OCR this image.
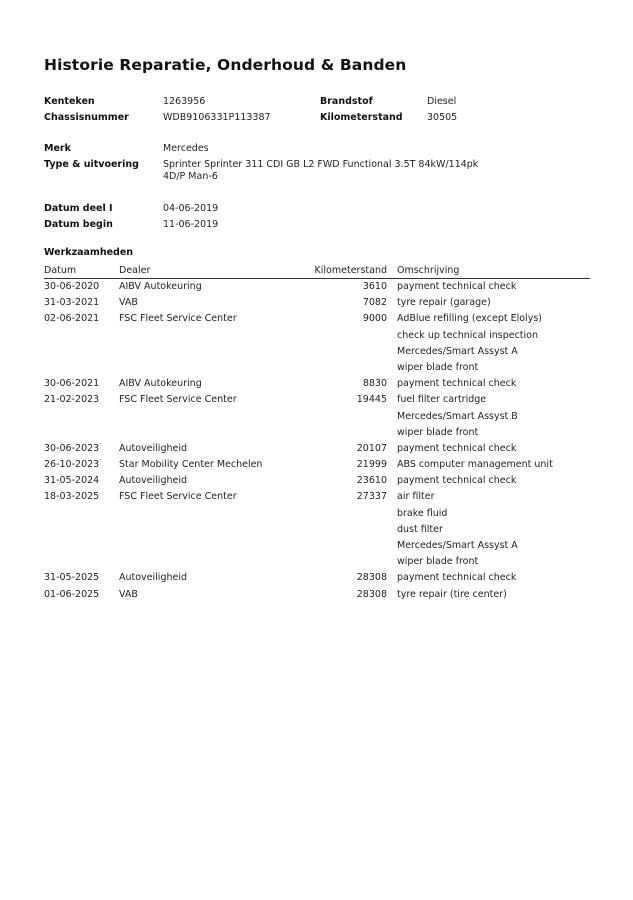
Historie Reparatie, Onderhoud & Banden
Kenteken	1263956
Chassisnummer	WDB9106331P113387
Brandstof	Diesel
Kilometerstand	30505
Merk	Mercedes
Type & uitvoering	Sprinter Sprinter 311 CDI GB L2 FWD Functional 3.5T 84kW/114pk
4D/P Man-6
Datum deel I	04-06-2019
Datum begin	11-06-2019
Werkzaamheden
Datum	Dealer	Kilometerstand Omschrijving
30-06-2020 AIBV Autokeuring	3610 payment technical check
31-03-2021 VAB	7082 tyre repair (garage)
02-06-2021 FSC Fleet Service Center	9000 AdBlue refilling (except Elolys)
check up technical inspection
Mercedes/Smart Assyst A
wiper blade front
30-06-2021 AIBV Autokeuring	8830 payment technical check
21-02-2023 FSC Fleet Service Center	19445 fuel filter cartridge
Mercedes/Smart Assyst B
wiper blade front
30-06-2023 Autoveiligheid	20107 payment technical check
26-10-2023 Star Mobility Center Mechelen	21999 ABS computer management unit
31-05-2024 Autoveiligheid	23610 payment technical check
18-03-2025 FSC Fleet Service Center	27337 air filter
brake fluid
dust filter
Mercedes/Smart Assyst A
wiper blade front
31-05-2025 Autoveiligheid	28308 payment technical check
01-06-2025 VAB	28308 tyre repair (tire center)
